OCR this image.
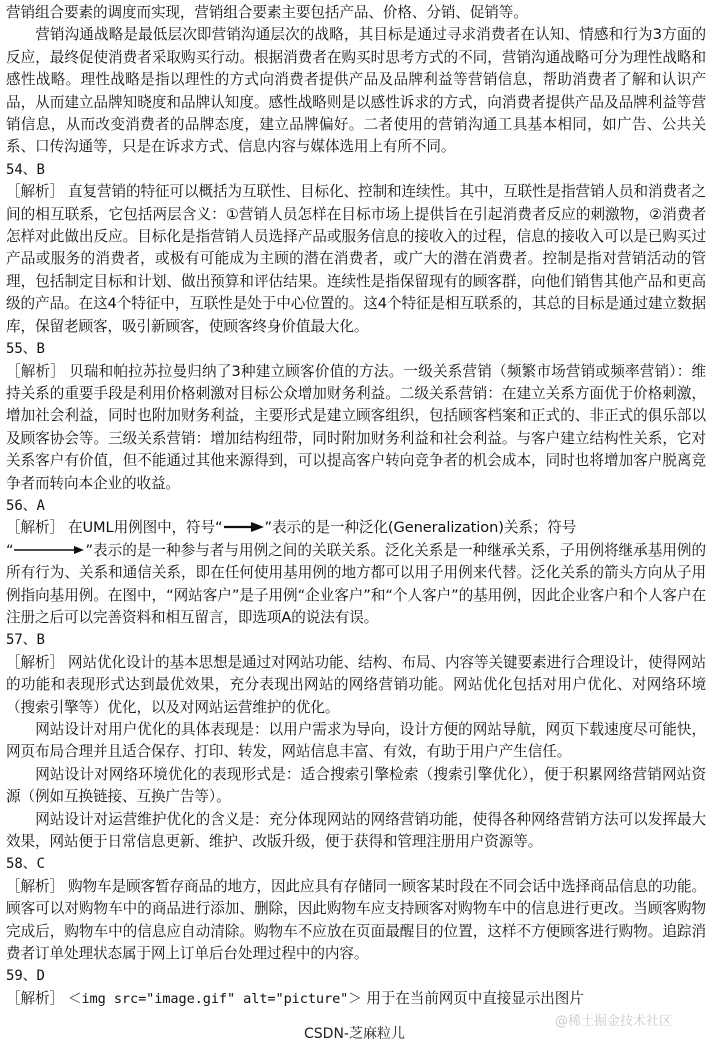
营销组合要素的调度而实现，营销组合要素主要包括产品、价格、分销、促销等。

营销沟通战略是最低层次即营销沟通层次的战略，其目标是通过寻求消费者在认知、情感和行为3方面的反应，最终促使消费者采取购买行动。根据消费者在购买时思考方式的不同，营销沟通战略可分为理性战略和感性战略。理性战略是指以理性的方式向消费者提供产品及品牌利益等营销信息，帮助消费者了解和认识产品，从而建立品牌知晓度和品牌认知度。感性战略则是以感性诉求的方式，向消费者提供产品及品牌利益等营销信息，从而改变消费者的品牌态度，建立品牌偏好。二者使用的营销沟通工具基本相同，如广告、公共关系、口传沟通等，只是在诉求方式、信息内容与媒体选用上有所不同。

54、B

［解析］ 直复营销的特征可以概括为互联性、目标化、控制和连续性。其中，互联性是指营销人员和消费者之间的相互联系，它包括两层含义：①营销人员怎样在目标市场上提供旨在引起消费者反应的刺激物，②消费者怎样对此做出反应。目标化是指营销人员选择产品或服务信息的接收入的过程，信息的接收入可以是已购买过产品或服务的消费者，或极有可能成为主顾的潜在消费者，或广大的潜在消费者。控制是指对营销活动的管理，包括制定目标和计划、做出预算和评估结果。连续性是指保留现有的顾客群，向他们销售其他产品和更高级的产品。在这4个特征中，互联性是处于中心位置的。这4个特征是相互联系的，其总的目标是通过建立数据库，保留老顾客，吸引新顾客，使顾客终身价值最大化。

55、B

［解析］ 贝瑞和帕拉苏拉曼归纳了3种建立顾客价值的方法。一级关系营销（频繁市场营销或频率营销）：维持关系的重要手段是利用价格刺激对目标公众增加财务利益。二级关系营销：在建立关系方面优于价格刺激，增加社会利益，同时也附加财务利益，主要形式是建立顾客组织，包括顾客档案和正式的、非正式的俱乐部以及顾客协会等。三级关系营销：增加结构纽带，同时附加财务利益和社会利益。与客户建立结构性关系，它对关系客户有价值，但不能通过其他来源得到，可以提高客户转向竞争者的机会成本，同时也将增加客户脱离竞争者而转向本企业的收益。

56、A

［解析］ 在UML用例图中，符号“	”表示的是一种泛化(Generalization)关系；符号
“	”表示的是一种参与者与用例之间的关联关系。泛化关系是一种继承关系，子用例将继承基用例的所有行为、关系和通信关系，即在任何使用基用例的地方都可以用子用例来代替。泛化关系的箭头方向从子用例指向基用例。在图中，“网站客户”是子用例“企业客户”和“个人客户”的基用例，因此企业客户和个人客户在注册之后可以完善资料和相互留言，即选项A的说法有误。

57、B

［解析］ 网站优化设计的基本思想是通过对网站功能、结构、布局、内容等关键要素进行合理设计，使得网站的功能和表现形式达到最优效果，充分表现出网站的网络营销功能。网站优化包括对用户优化、对网络环境（搜索引擎等）优化，以及对网站运营维护的优化。

网站设计对用户优化的具体表现是：以用户需求为导向，设计方便的网站导航，网页下载速度尽可能快，网页布局合理并且适合保存、打印、转发，网站信息丰富、有效，有助于用户产生信任。

网站设计对网络环境优化的表现形式是：适合搜索引擎检索（搜索引擎优化），便于积累网络营销网站资源（例如互换链接、互换广告等）。

网站设计对运营维护优化的含义是：充分体现网站的网络营销功能，使得各种网络营销方法可以发挥最大效果，网站便于日常信息更新、维护、改版升级，便于获得和管理注册用户资源等。

58、C

［解析］ 购物车是顾客暂存商品的地方，因此应具有存储同一顾客某时段在不同会话中选择商品信息的功能。顾客可以对购物车中的商品进行添加、删除，因此购物车应支持顾客对购物车中的信息进行更改。当顾客购物完成后，购物车中的信息应自动清除。购物车不应放在页面最醒目的位置，这样不方便顾客进行购物。追踪消费者订单处理状态属于网上订单后台处理过程中的内容。

59、D

［解析］ ＜img src="image.gif" alt="picture"＞ 用于在当前网页中直接显示出图片

@稀土掘金技术社区
CSDN-芝麻粒儿
